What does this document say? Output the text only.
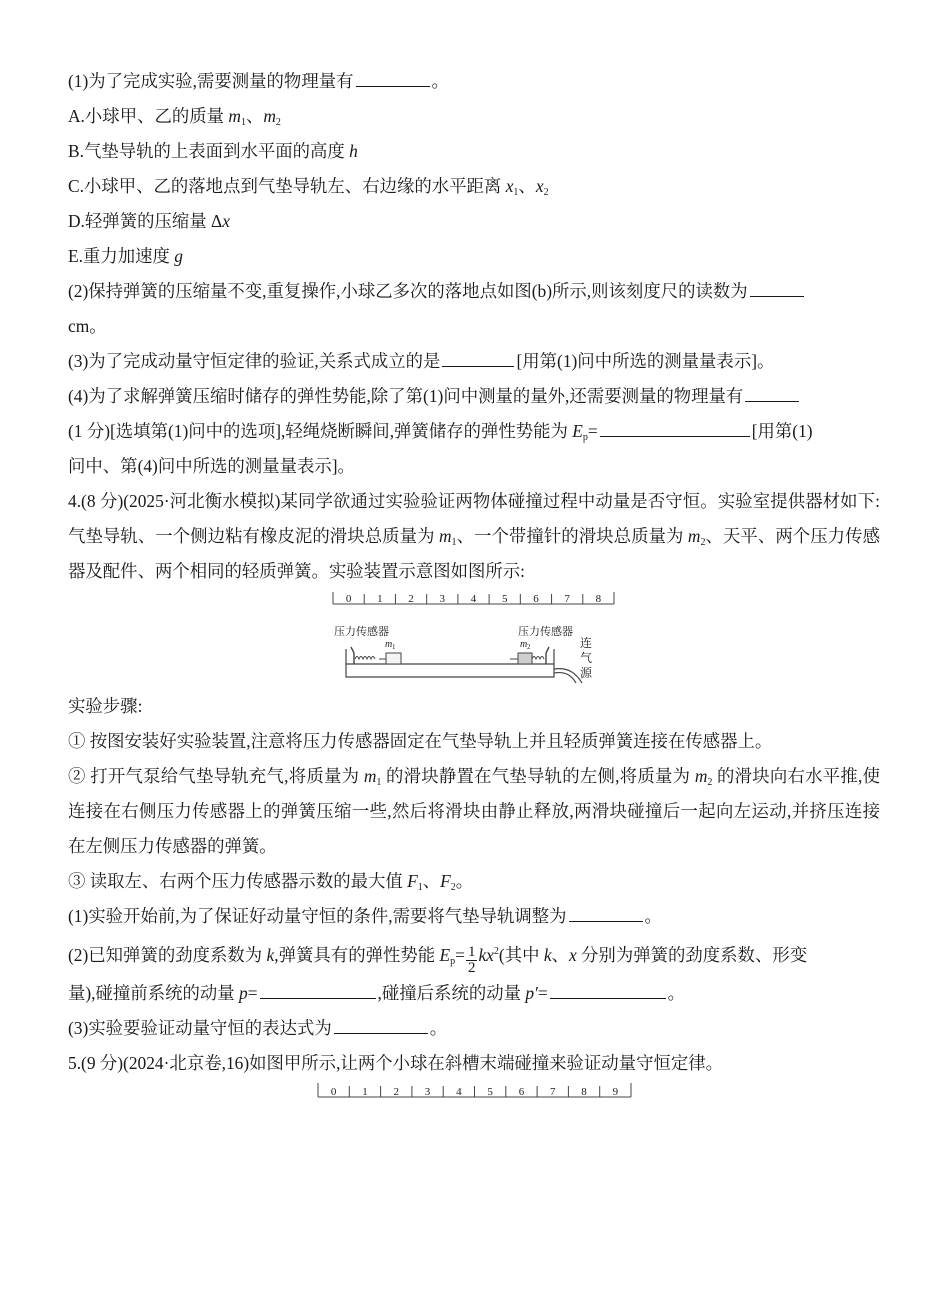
(1)为了完成实验,需要测量的物理量有	。

A.小球甲、乙的质量 $m_1$、$m_2$

B.气垫导轨的上表面到水平面的高度 h

C.小球甲、乙的落地点到气垫导轨左、右边缘的水平距离 $x_1$、$x_2$

D.轻弹簧的压缩量 Δx

E.重力加速度 g

(2)保持弹簧的压缩量不变,重复操作,小球乙多次的落地点如图(b)所示,则该刻度尺的读数为

cm。

(3)为了完成动量守恒定律的验证,关系式成立的是	[用第(1)问中所选的测量量表示]。

(4)为了求解弹簧压缩时储存的弹性势能,除了第(1)问中测量的量外,还需要测量的物理量有

(1 分)[选填第(1)问中的选项],轻绳烧断瞬间,弹簧储存的弹性势能为 $E_p=$	[用第(1)

问中、第(4)问中所选的测量量表示]。

4.(8 分)(2025·河北衡水模拟)某同学欲通过实验验证两物体碰撞过程中动量是否守恒。实验室提供器材如下:气垫导轨、一个侧边粘有橡皮泥的滑块总质量为 $m_1$、一个带撞针的滑块总质量为 $m_2$、天平、两个压力传感器及配件、两个相同的轻质弹簧。实验装置示意图如图所示:

0 1 2 3 4 5 6 7 8
压力传感器	压力传感器
m 1	m 2	连
气
源

实验步骤:

① 按图安装好实验装置,注意将压力传感器固定在气垫导轨上并且轻质弹簧连接在传感器上。

② 打开气泵给气垫导轨充气,将质量为 $m_1$ 的滑块静置在气垫导轨的左侧,将质量为 $m_2$ 的滑块向右水平推,使连接在右侧压力传感器上的弹簧压缩一些,然后将滑块由静止释放,两滑块碰撞后一起向左运动,并挤压连接在左侧压力传感器的弹簧。

③ 读取左、右两个压力传感器示数的最大值 $F_1$、$F_2$。

(1)实验开始前,为了保证好动量守恒的条件,需要将气垫导轨调整为	。

(2)已知弹簧的劲度系数为 k,弹簧具有的弹性势能 $E_p= \frac{1}{2} kx^2$(其中 k、x 分别为弹簧的劲度系数、形变

量),碰撞前系统的动量 p=	,碰撞后系统的动量 p′=	。

(3)实验要验证动量守恒的表达式为	。

5.(9 分)(2024·北京卷,16)如图甲所示,让两个小球在斜槽末端碰撞来验证动量守恒定律。

0 1 2 3 4 5 6 7 8 9
